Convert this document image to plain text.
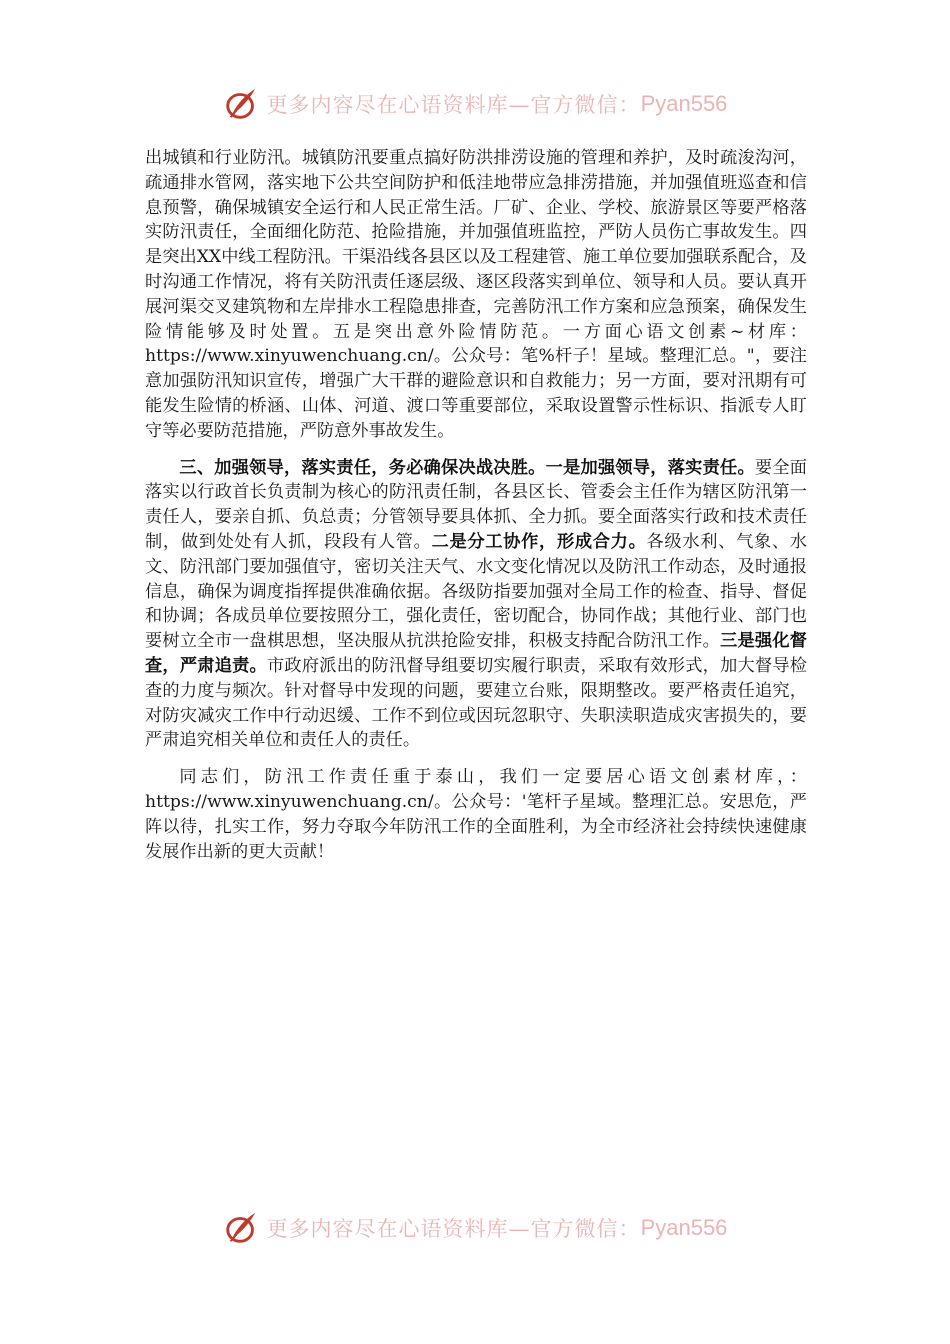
更多内容尽在心语资料库—官方微信： Pyan556

出城镇和行业防汛。城镇防汛要重点搞好防洪排涝设施的管理和养护，及时疏浚沟河，疏通排水管网，落实地下公共空间防护和低洼地带应急排涝措施，并加强值班巡查和信息预警，确保城镇安全运行和人民正常生活。厂矿、企业、学校、旅游景区等要严格落实防汛责任，全面细化防范、抢险措施，并加强值班监控，严防人员伤亡事故发生。四是突出XX中线工程防汛。干渠沿线各县区以及工程建管、施工单位要加强联系配合，及时沟通工作情况，将有关防汛责任逐层级、逐区段落实到单位、领导和人员。要认真开展河渠交叉建筑物和左岸排水工程隐患排查，完善防汛工作方案和应急预案，确保发生险情能够及时处置。五是突出意外险情防范。一方面心语文创素~材库：https://www.xinyuwenchuang.cn/。公众号：笔%杆子！星域。整理汇总。"，要注意加强防汛知识宣传，增强广大干群的避险意识和自救能力；另一方面，要对汛期有可能发生险情的桥涵、山体、河道、渡口等重要部位，采取设置警示性标识、指派专人盯守等必要防范措施，严防意外事故发生。

三、加强领导，落实责任，务必确保决战决胜。一是加强领导，落实责任。要全面落实以行政首长负责制为核心的防汛责任制，各县区长、管委会主任作为辖区防汛第一责任人，要亲自抓、负总责；分管领导要具体抓、全力抓。要全面落实行政和技术责任制，做到处处有人抓，段段有人管。二是分工协作，形成合力。各级水利、气象、水文、防汛部门要加强值守，密切关注天气、水文变化情况以及防汛工作动态，及时通报信息，确保为调度指挥提供准确依据。各级防指要加强对全局工作的检查、指导、督促和协调；各成员单位要按照分工，强化责任，密切配合，协同作战；其他行业、部门也要树立全市一盘棋思想，坚决服从抗洪抢险安排，积极支持配合防汛工作。三是强化督查，严肃追责。市政府派出的防汛督导组要切实履行职责，采取有效形式，加大督导检查的力度与频次。针对督导中发现的问题，要建立台账，限期整改。要严格责任追究，对防灾减灾工作中行动迟缓、工作不到位或因玩忽职守、失职渎职造成灾害损失的，要严肃追究相关单位和责任人的责任。

同志们，防汛工作责任重于泰山，我们一定要居心语文创素材库，：https://www.xinyuwenchuang.cn/。公众号：'笔杆子星域。整理汇总。安思危，严阵以待，扎实工作，努力夺取今年防汛工作的全面胜利，为全市经济社会持续快速健康发展作出新的更大贡献！

更多内容尽在心语资料库—官方微信： Pyan556
